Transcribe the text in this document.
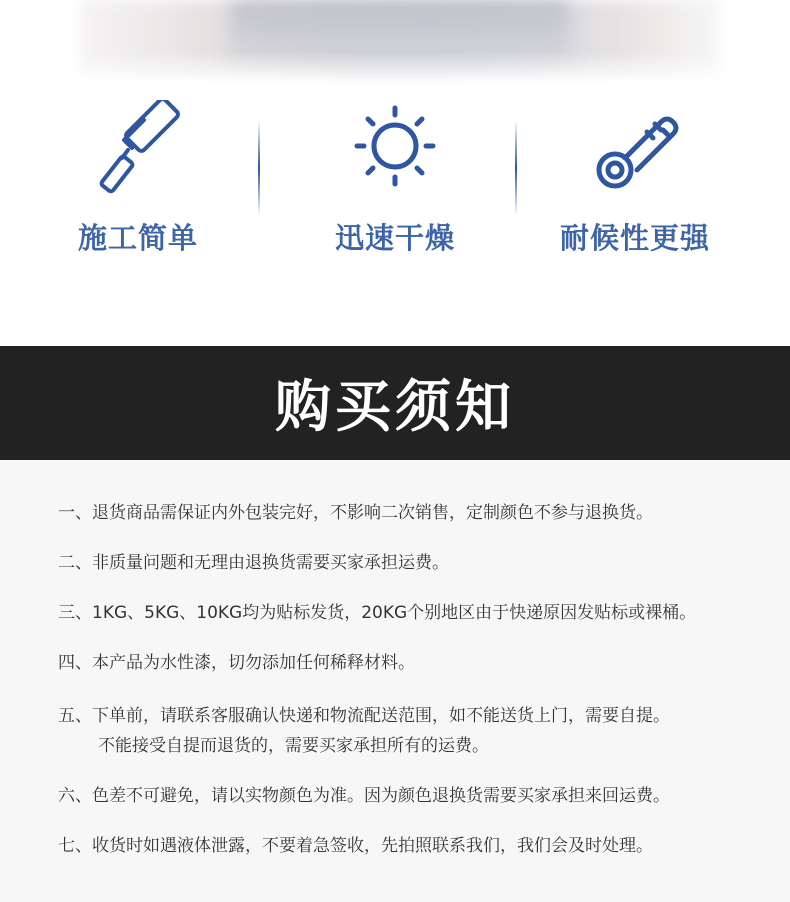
施工简单	迅速干燥	耐候性更强
购买须知
一、退货商品需保证内外包装完好，不影响二次销售，定制颜色不参与退换货。
二、非质量问题和无理由退换货需要买家承担运费。
三、1KG、5KG、10KG均为贴标发货，20KG个别地区由于快递原因发贴标或裸桶。
四、本产品为水性漆，切勿添加任何稀释材料。
五、下单前，请联系客服确认快递和物流配送范围，如不能送货上门，需要自提。
不能接受自提而退货的，需要买家承担所有的运费。
六、色差不可避免，请以实物颜色为准。因为颜色退换货需要买家承担来回运费。
七、收货时如遇液体泄露，不要着急签收，先拍照联系我们，我们会及时处理。
